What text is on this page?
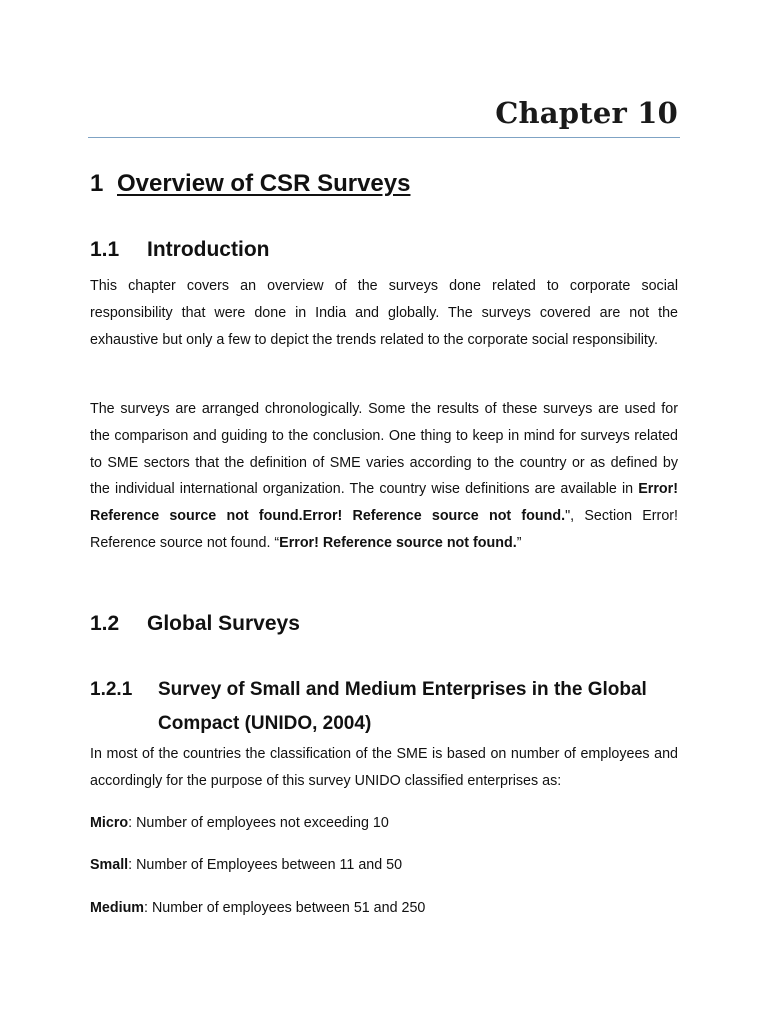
Chapter 10
1 Overview of CSR Surveys
1.1 Introduction

This chapter covers an overview of the surveys done related to corporate social responsibility that were done in India and globally. The surveys covered are not the exhaustive but only a few to depict the trends related to the corporate social responsibility.

The surveys are arranged chronologically. Some the results of these surveys are used for the comparison and guiding to the conclusion. One thing to keep in mind for surveys related to SME sectors that the definition of SME varies according to the country or as defined by the individual international organization. The country wise definitions are available in Error! Reference source not found.Error! Reference source not found.", Section Error! Reference source not found. “Error! Reference source not found.”

1.2 Global Surveys
1.2.1 Survey of Small and Medium Enterprises in the Global Compact (UNIDO, 2004)

In most of the countries the classification of the SME is based on number of employees and accordingly for the purpose of this survey UNIDO classified enterprises as:

Micro: Number of employees not exceeding 10

Small: Number of Employees between 11 and 50

Medium: Number of employees between 51 and 250
